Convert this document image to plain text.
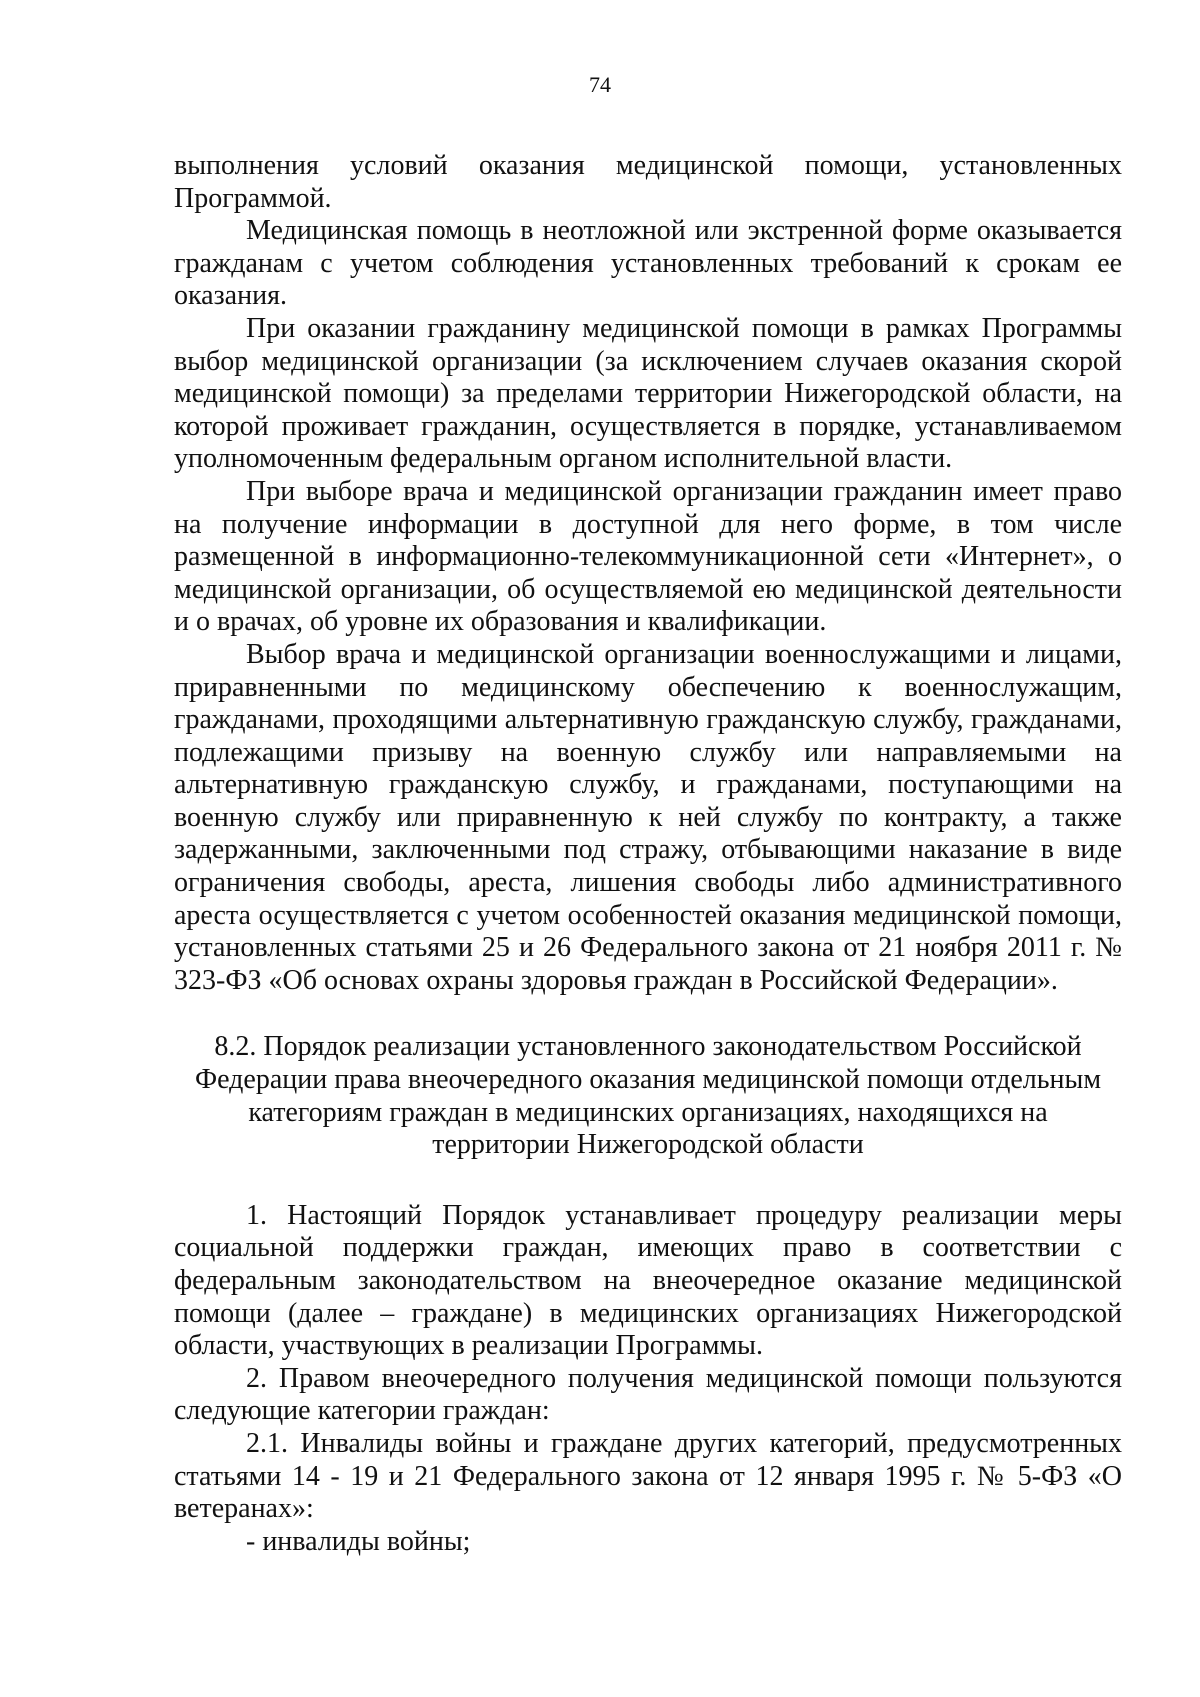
74

выполнения условий оказания медицинской помощи, установленных Программой.

Медицинская помощь в неотложной или экстренной форме оказывается гражданам с учетом соблюдения установленных требований к срокам ее оказания.

При оказании гражданину медицинской помощи в рамках Программы выбор медицинской организации (за исключением случаев оказания скорой медицинской помощи) за пределами территории Нижегородской области, на которой проживает гражданин, осуществляется в порядке, устанавливаемом уполномоченным федеральным органом исполнительной власти.

При выборе врача и медицинской организации гражданин имеет право на получение информации в доступной для него форме, в том числе размещенной в информационно-телекоммуникационной сети «Интернет», о медицинской организации, об осуществляемой ею медицинской деятельности и о врачах, об уровне их образования и квалификации.

Выбор врача и медицинской организации военнослужащими и лицами, приравненными по медицинскому обеспечению к военнослужащим, гражданами, проходящими альтернативную гражданскую службу, гражданами, подлежащими призыву на военную службу или направляемыми на альтернативную гражданскую службу, и гражданами, поступающими на военную службу или приравненную к ней службу по контракту, а также задержанными, заключенными под стражу, отбывающими наказание в виде ограничения свободы, ареста, лишения свободы либо административного ареста осуществляется с учетом особенностей оказания медицинской помощи, установленных статьями 25 и 26 Федерального закона от 21 ноября 2011 г. № 323-ФЗ «Об основах охраны здоровья граждан в Российской Федерации».

8.2. Порядок реализации установленного законодательством Российской
Федерации права внеочередного оказания медицинской помощи отдельным
категориям граждан в медицинских организациях, находящихся на
территории Нижегородской области

1. Настоящий Порядок устанавливает процедуру реализации меры социальной поддержки граждан, имеющих право в соответствии с федеральным законодательством на внеочередное оказание медицинской помощи (далее – граждане) в медицинских организациях Нижегородской области, участвующих в реализации Программы.

2. Правом внеочередного получения медицинской помощи пользуются следующие категории граждан:

2.1. Инвалиды войны и граждане других категорий, предусмотренных статьями 14 - 19 и 21 Федерального закона от 12 января 1995 г. № 5-ФЗ «О ветеранах»:

- инвалиды войны;
